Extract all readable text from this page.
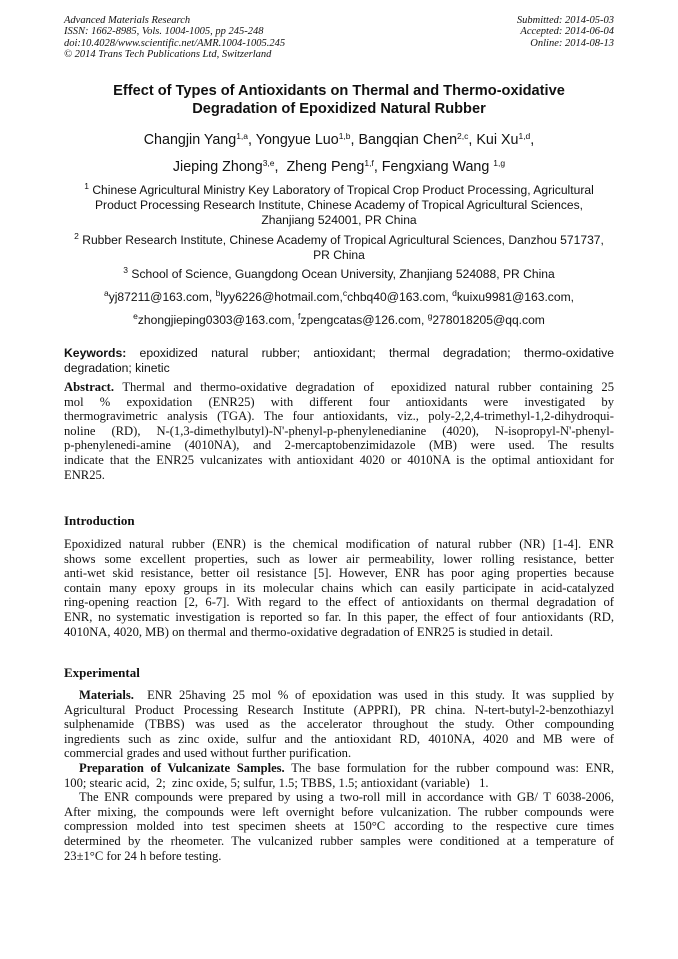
Advanced Materials Research
ISSN: 1662-8985, Vols. 1004-1005, pp 245-248
doi:10.4028/www.scientific.net/AMR.1004-1005.245
© 2014 Trans Tech Publications Ltd, Switzerland
Submitted: 2014-05-03
Accepted: 2014-06-04
Online: 2014-08-13
Effect of Types of Antioxidants on Thermal and Thermo-oxidative
Degradation of Epoxidized Natural Rubber
Changjin Yang$^{1,a}$, Yongyue Luo$^{1,b}$, Bangqian Chen$^{2,c}$, Kui Xu$^{1,d}$,
Jieping Zhong$^{3,e}$,  Zheng Peng$^{1,f}$, Fengxiang Wang $^{1,g}$
$^1$ Chinese Agricultural Ministry Key Laboratory of Tropical Crop Product Processing, Agricultural
Product Processing Research Institute, Chinese Academy of Tropical Agricultural Sciences,
Zhanjiang 524001, PR China
$^2$ Rubber Research Institute, Chinese Academy of Tropical Agricultural Sciences, Danzhou 571737,
PR China
$^3$ School of Science, Guangdong Ocean University, Zhanjiang 524088, PR China
$^a$yj87211@163.com, $^b$lyy6226@hotmail.com,$^c$chbq40@163.com, $^d$kuixu9981@163.com,
$^e$zhongjieping0303@163.com, $^f$zpengcatas@126.com, $^g$278018205@qq.com
Keywords: epoxidized natural rubber; antioxidant; thermal degradation; thermo-oxidative degradation; kinetic
Abstract. Thermal and thermo-oxidative degradation of  epoxidized natural rubber containing 25
mol % expoxidation (ENR25) with different four antioxidants were investigated by
thermogravimetric analysis (TGA). The four antioxidants, viz., poly-2,2,4-trimethyl-1,2-dihydroqui-
noline (RD), N-(1,3-dimethylbutyl)-N'-phenyl-p-phenylenedianine (4020), N-isopropyl-N'-phenyl-
p-phenylenedi-amine (4010NA), and 2-mercaptobenzimidazole (MB) were used. The results
indicate that the ENR25 vulcanizates with antioxidant 4020 or 4010NA is the optimal antioxidant for
ENR25.
Introduction
Epoxidized natural rubber (ENR) is the chemical modification of natural rubber (NR) [1-4]. ENR
shows some excellent properties, such as lower air permeability, lower rolling resistance, better
anti-wet skid resistance, better oil resistance [5]. However, ENR has poor aging properties because
contain many epoxy groups in its molecular chains which can easily participate in acid-catalyzed
ring-opening reaction [2, 6-7]. With regard to the effect of antioxidants on thermal degradation of
ENR, no systematic investigation is reported so far. In this paper, the effect of four antioxidants (RD,
4010NA, 4020, MB) on thermal and thermo-oxidative degradation of ENR25 is studied in detail.
Experimental
Materials.  ENR 25having 25 mol % of epoxidation was used in this study. It was supplied by
Agricultural Product Processing Research Institute (APPRI), PR china. N-tert-butyl-2-benzothiazyl
sulphenamide (TBBS) was used as the accelerator throughout the study. Other compounding
ingredients such as zinc oxide, sulfur and the antioxidant RD, 4010NA, 4020 and MB were of
commercial grades and used without further purification.
Preparation of Vulcanizate Samples. The base formulation for the rubber compound was: ENR,
100; stearic acid,  2;  zinc oxide, 5; sulfur, 1.5; TBBS, 1.5; antioxidant (variable)   1.
The ENR compounds were prepared by using a two-roll mill in accordance with GB/ T 6038-2006,
After mixing, the compounds were left overnight before vulcanization. The rubber compounds were
compression molded into test specimen sheets at 150°C according to the respective cure times
determined by the rheometer. The vulcanized rubber samples were conditioned at a temperature of
23±1°C for 24 h before testing.
